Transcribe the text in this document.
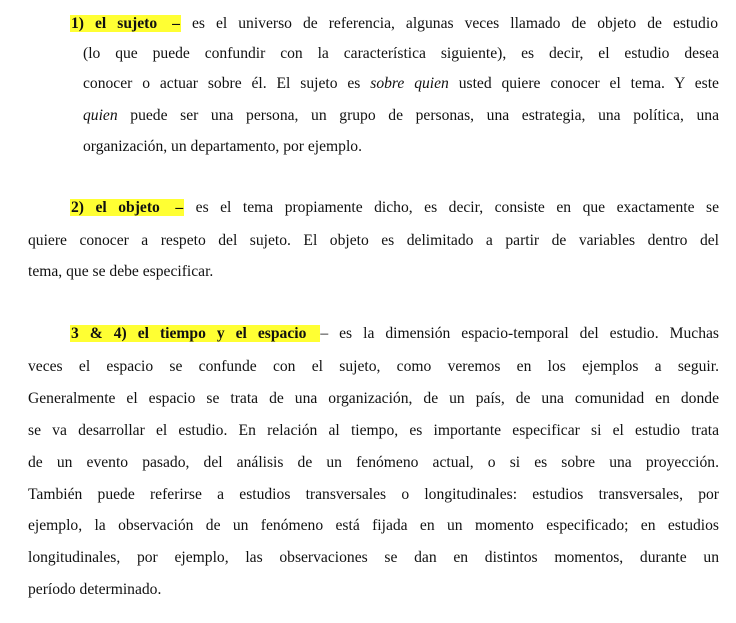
1) el sujeto – es el universo de referencia, algunas veces llamado de objeto de estudio
(lo que puede confundir con la característica siguiente), es decir, el estudio desea
conocer o actuar sobre él. El sujeto es sobre quien usted quiere conocer el tema. Y este
quien puede ser una persona, un grupo de personas, una estrategia, una política, una
organización, un departamento, por ejemplo.
2) el objeto – es el tema propiamente dicho, es decir, consiste en que exactamente se
quiere conocer a respeto del sujeto. El objeto es delimitado a partir de variables dentro del
tema, que se debe especificar.
3 & 4) el tiempo y el espacio – es la dimensión espacio-temporal del estudio. Muchas
veces el espacio se confunde con el sujeto, como veremos en los ejemplos a seguir.
Generalmente el espacio se trata de una organización, de un país, de una comunidad en donde
se va desarrollar el estudio. En relación al tiempo, es importante especificar si el estudio trata
de un evento pasado, del análisis de un fenómeno actual, o si es sobre una proyección.
También puede referirse a estudios transversales o longitudinales: estudios transversales, por
ejemplo, la observación de un fenómeno está fijada en un momento especificado; en estudios
longitudinales, por ejemplo, las observaciones se dan en distintos momentos, durante un
período determinado.
